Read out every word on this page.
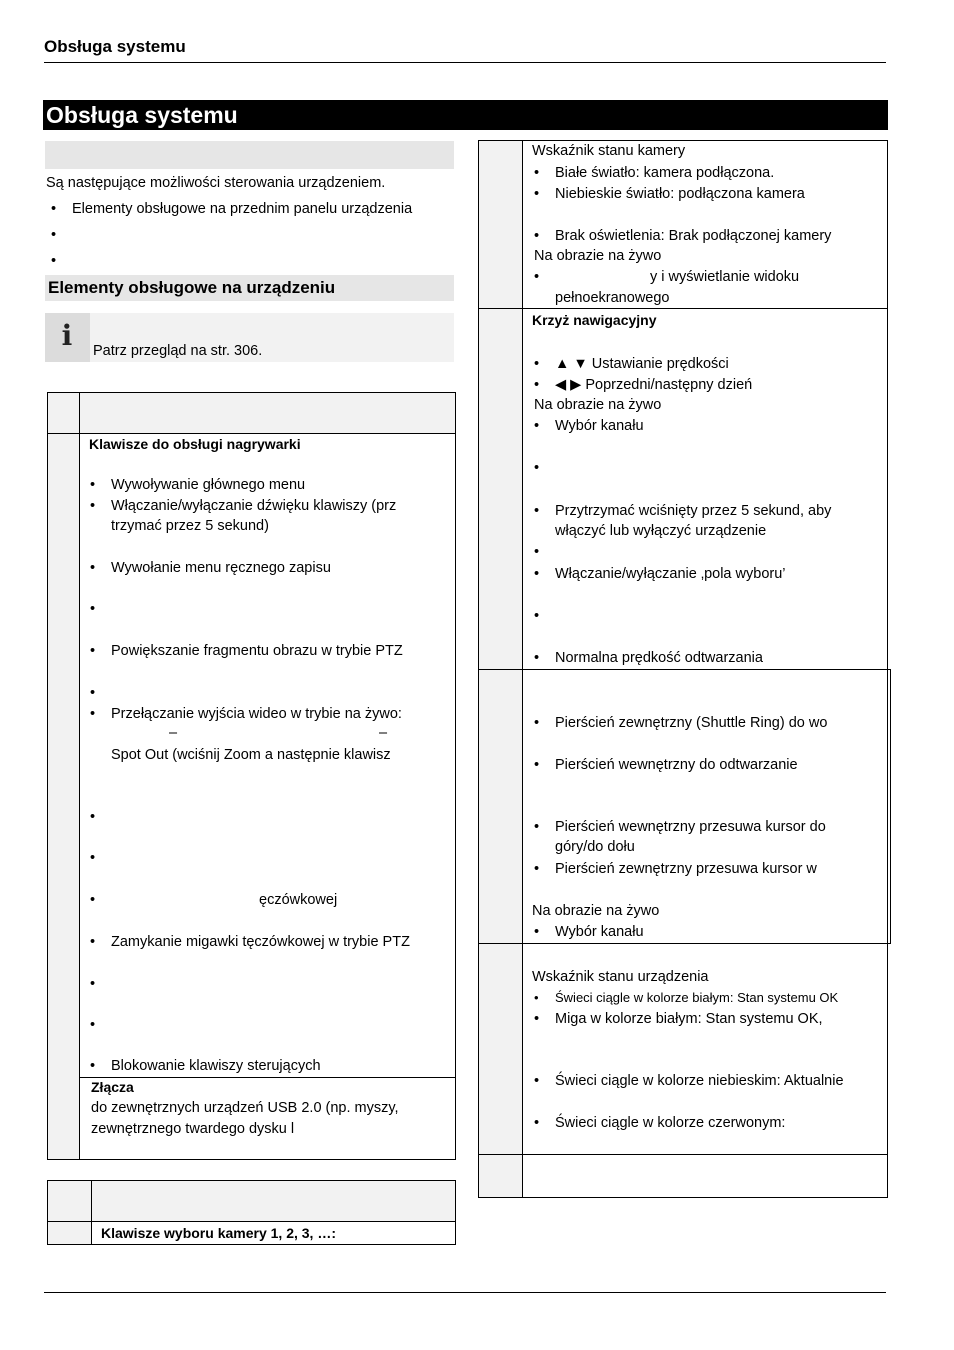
Obsługa systemu
Obsługa systemu
Są następujące możliwości sterowania urządzeniem.
• Elementy obsługowe na przednim panelu urządzenia
Elementy obsługowe na urządzeniu
i Patrz przegląd na str. 306.
Klawisze do obsługi nagrywarki
• Wywoływanie głównego menu
• Włączanie/wyłączanie dźwięku klawiszy (prz
trzymać przez 5 sekund)
• Wywołanie menu ręcznego zapisu
• Powiększanie fragmentu obrazu w trybie PTZ
• Przełączanie wyjścia wideo w trybie na żywo:
–	–
Spot Out (wciśnij Zoom a następnie klawisz
• ęczówkowej
• Zamykanie migawki tęczówkowej w trybie PTZ
• Blokowanie klawiszy sterujących
Złącza
do zewnętrznych urządzeń USB 2.0 (np. myszy,
zewnętrznego twardego dysku l
Klawisze wyboru kamery 1, 2, 3, …:
Wskaźnik stanu kamery
• Białe światło: kamera podłączona.
• Niebieskie światło: podłączona kamera
• Brak oświetlenia: Brak podłączonej kamery
Na obrazie na żywo
• y i wyświetlanie widoku
pełnoekranowego
Krzyż nawigacyjny
• ▲ ▼ Ustawianie prędkości
• ◀ ▶ Poprzedni/następny dzień
Na obrazie na żywo
• Wybór kanału
• Przytrzymać wciśnięty przez 5 sekund, aby
włączyć lub wyłączyć urządzenie
• Włączanie/wyłączanie ‚pola wyboru’
• Normalna prędkość odtwarzania
• Pierścień zewnętrzny (Shuttle Ring) do wo
• Pierścień wewnętrzny do odtwarzanie
• Pierścień wewnętrzny przesuwa kursor do
góry/do dołu
• Pierścień zewnętrzny przesuwa kursor w
Na obrazie na żywo
• Wybór kanału
Wskaźnik stanu urządzenia
• Świeci ciągle w kolorze białym: Stan systemu OK
• Miga w kolorze białym: Stan systemu OK,
• Świeci ciągle w kolorze niebieskim: Aktualnie
• Świeci ciągle w kolorze czerwonym:
